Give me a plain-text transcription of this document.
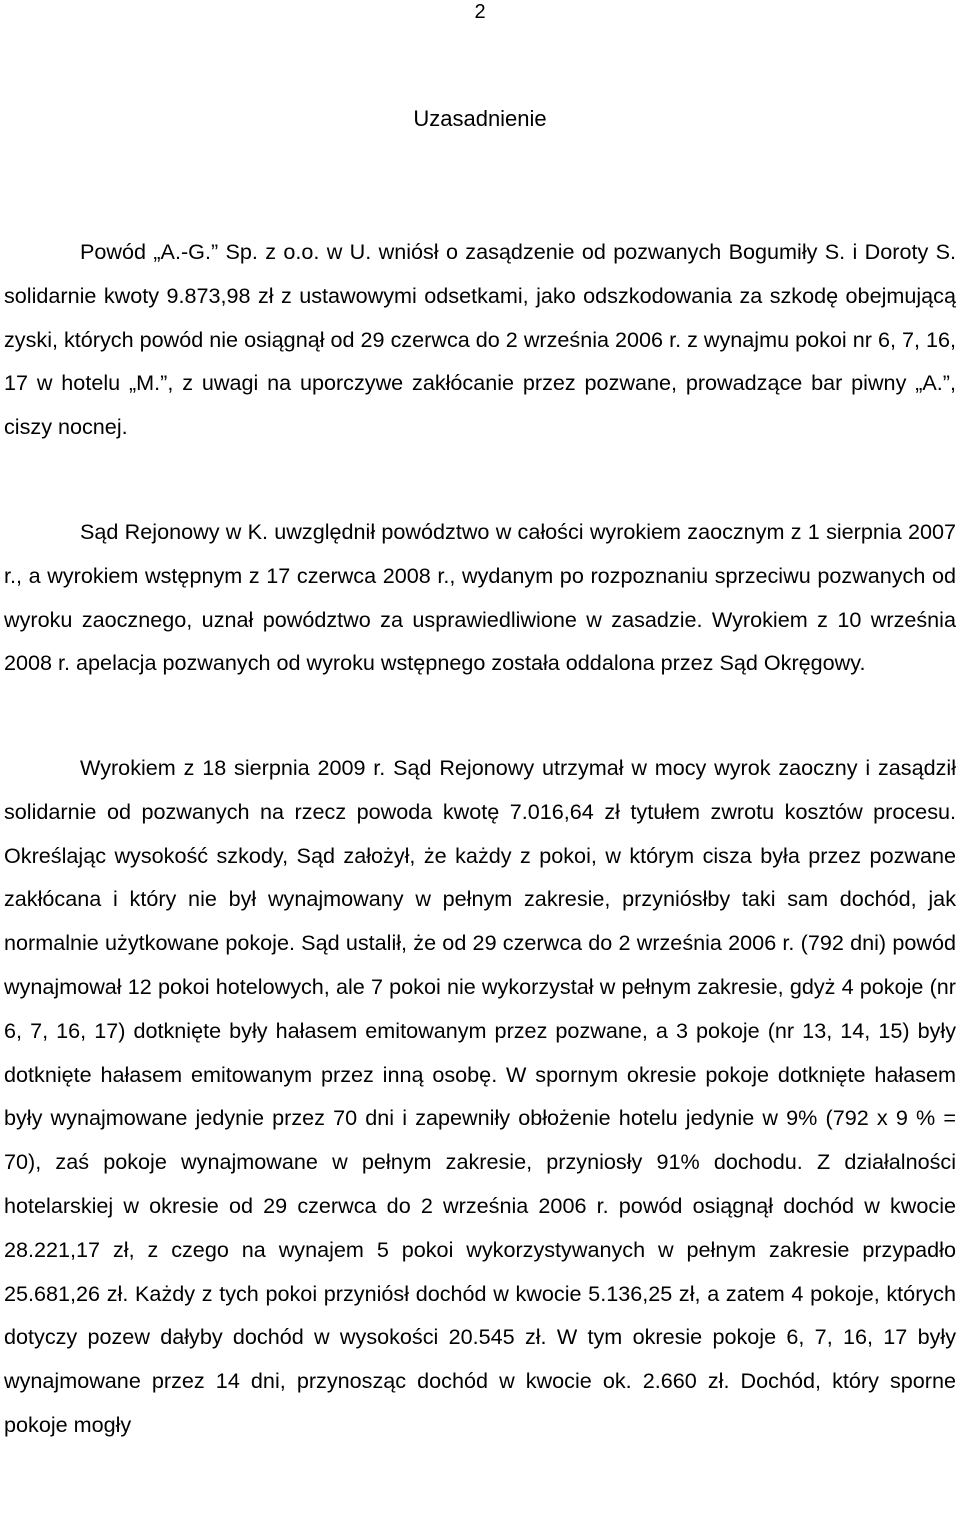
2
Uzasadnienie

Powód „A.-G.” Sp. z o.o. w U. wniósł o zasądzenie od pozwanych Bogumiły S. i Doroty S. solidarnie kwoty 9.873,98 zł z ustawowymi odsetkami, jako odszkodowania za szkodę obejmującą zyski, których powód nie osiągnął od 29 czerwca do 2 września 2006 r. z wynajmu pokoi nr 6, 7, 16, 17 w hotelu „M.”, z uwagi na uporczywe zakłócanie przez pozwane, prowadzące bar piwny „A.”, ciszy nocnej.

Sąd Rejonowy w K. uwzględnił powództwo w całości wyrokiem zaocznym z 1 sierpnia 2007 r., a wyrokiem wstępnym z 17 czerwca 2008 r., wydanym po rozpoznaniu sprzeciwu pozwanych od wyroku zaocznego, uznał powództwo za usprawiedliwione w zasadzie. Wyrokiem z 10 września 2008 r. apelacja pozwanych od wyroku wstępnego została oddalona przez Sąd Okręgowy.

Wyrokiem z 18 sierpnia 2009 r. Sąd Rejonowy utrzymał w mocy wyrok zaoczny i zasądził solidarnie od pozwanych na rzecz powoda kwotę 7.016,64 zł tytułem zwrotu kosztów procesu. Określając wysokość szkody, Sąd założył, że każdy z pokoi, w którym cisza była przez pozwane zakłócana i który nie był wynajmowany w pełnym zakresie, przyniósłby taki sam dochód, jak normalnie użytkowane pokoje. Sąd ustalił, że od 29 czerwca do 2 września 2006 r. (792 dni) powód wynajmował 12 pokoi hotelowych, ale 7 pokoi nie wykorzystał w pełnym zakresie, gdyż 4 pokoje (nr 6, 7, 16, 17) dotknięte były hałasem emitowanym przez pozwane, a 3 pokoje (nr 13, 14, 15) były dotknięte hałasem emitowanym przez inną osobę. W spornym okresie pokoje dotknięte hałasem były wynajmowane jedynie przez 70 dni i zapewniły obłożenie hotelu jedynie w 9% (792 x 9 % = 70), zaś pokoje wynajmowane w pełnym zakresie, przyniosły 91% dochodu. Z działalności hotelarskiej w okresie od 29 czerwca do 2 września 2006 r. powód osiągnął dochód w kwocie 28.221,17 zł, z czego na wynajem 5 pokoi wykorzystywanych w pełnym zakresie przypadło 25.681,26 zł. Każdy z tych pokoi przyniósł dochód w kwocie 5.136,25 zł, a zatem 4 pokoje, których dotyczy pozew dałyby dochód w wysokości 20.545 zł. W tym okresie pokoje 6, 7, 16, 17 były wynajmowane przez 14 dni, przynosząc dochód w kwocie ok. 2.660 zł. Dochód, który sporne pokoje mogły
